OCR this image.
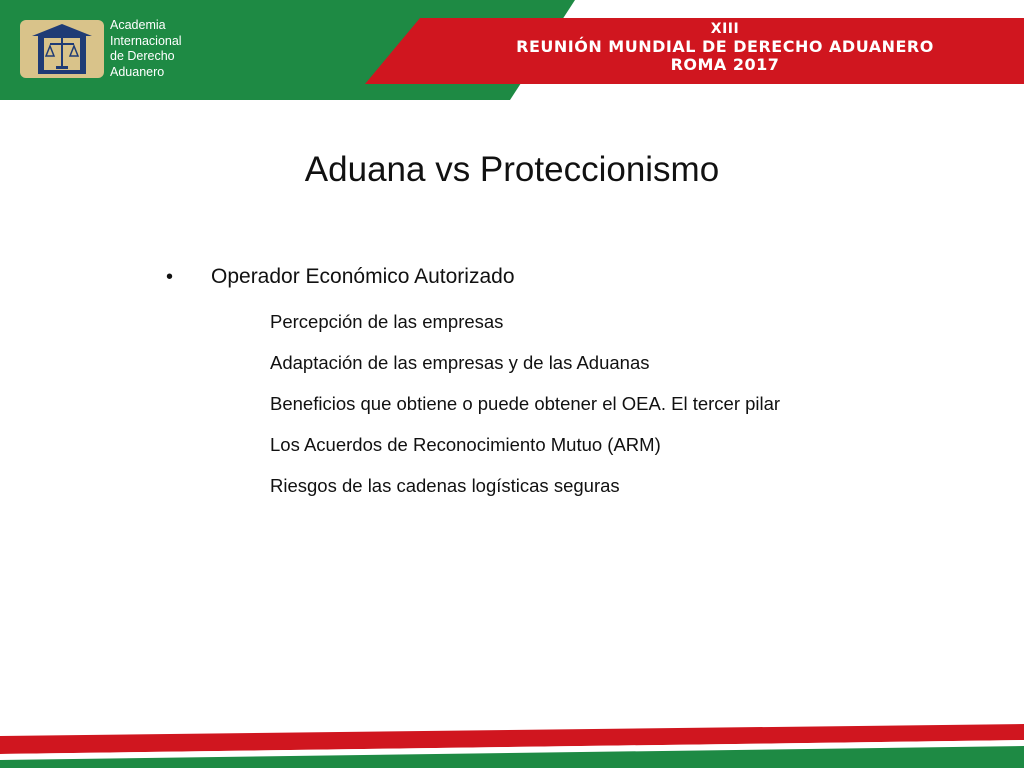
Academia
Internacional
de Derecho
Aduanero
XIII
REUNIÓN MUNDIAL DE DERECHO ADUANERO
ROMA 2017
Aduana vs Proteccionismo
• Operador Económico Autorizado
Percepción de las empresas
Adaptación de las empresas y de las Aduanas
Beneficios que obtiene o puede obtener el OEA. El tercer pilar
Los Acuerdos de Reconocimiento Mutuo (ARM)
Riesgos de las cadenas logísticas seguras
